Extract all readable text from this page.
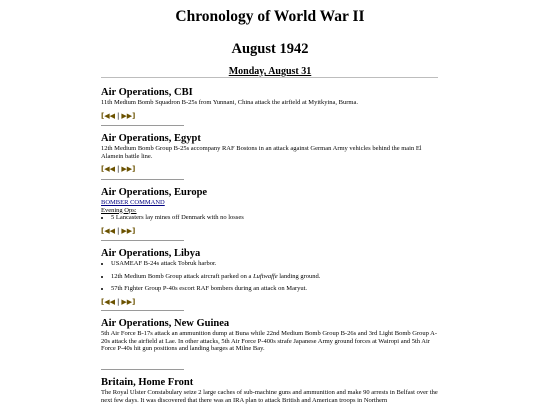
Chronology of World War II
August 1942
Monday, August 31
Air Operations, CBI

11th Medium Bomb Squadron B-25s from Yunnani, China attack the airfield at Myitkyina, Burma.

[◀◀ | ▶▶]
Air Operations, Egypt

12th Medium Bomb Group B-25s accompany RAF Bostons in an attack against German Army vehicles behind the main El Alamein battle line.

[◀◀ | ▶▶]
Air Operations, Europe

BOMBER COMMAND

Evening Ops:

• 5 Lancasters lay mines off Denmark with no losses
[◀◀ | ▶▶]
Air Operations, Libya
• USAMEAF B-24s attack Tobruk harbor.
• 12th Medium Bomb Group attack aircraft parked on a Luftwaffe landing ground.
• 57th Fighter Group P-40s escort RAF bombers during an attack on Maryut.
[◀◀ | ▶▶]
Air Operations, New Guinea

5th Air Force B-17s attack an ammunition dump at Buna while 22nd Medium Bomb Group B-26s and 3rd Light Bomb Group A-20s attack the airfield at Lae. In other attacks, 5th Air Force P-400s strafe Japanese Army ground forces at Wairopi and 5th Air Force P-40s hit gun positions and landing barges at Milne Bay.

Britain, Home Front

The Royal Ulster Constabulary seize 2 large caches of sub-machine guns and ammunition and make 90 arrests in Belfast over the next few days. It was discovered that there was an IRA plan to attack British and American troops in Northern
